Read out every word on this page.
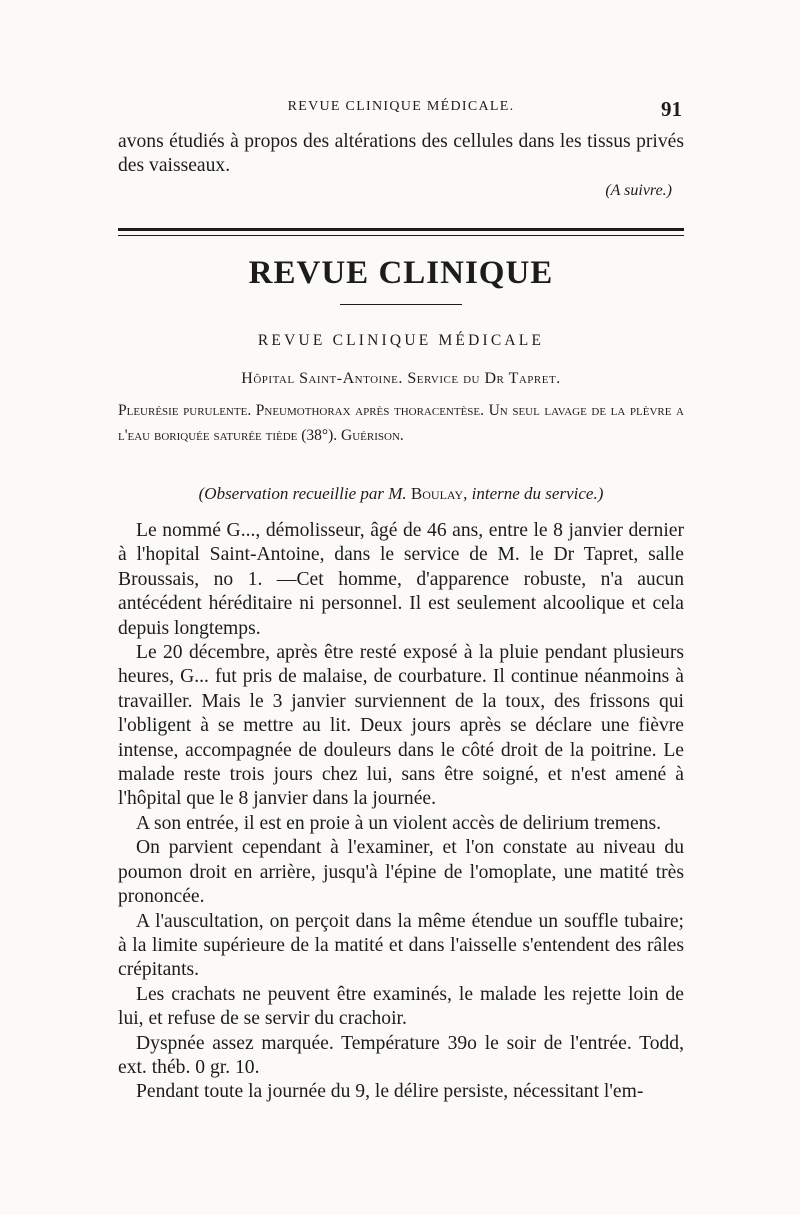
REVUE CLINIQUE MÉDICALE.	91

avons étudiés à propos des altérations des cellules dans les tissus privés des vaisseaux.

(A suivre.)

REVUE CLINIQUE
REVUE CLINIQUE MÉDICALE
Hôpital Saint-Antoine. Service du Dr Tapret.
Pleurésie purulente. Pneumothorax après thoracentèse. Un seul lavage de la plèvre a l'eau boriquée saturée tiède (38°). Guérison.
(Observation recueillie par M. Boulay, interne du service.)

Le nommé G..., démolisseur, âgé de 46 ans, entre le 8 janvier dernier à l'hopital Saint-Antoine, dans le service de M. le Dr Tapret, salle Broussais, no 1. —Cet homme, d'apparence robuste, n'a aucun antécédent héréditaire ni personnel. Il est seulement alcoolique et cela depuis longtemps.

Le 20 décembre, après être resté exposé à la pluie pendant plusieurs heures, G... fut pris de malaise, de courbature. Il continue néanmoins à travailler. Mais le 3 janvier surviennent de la toux, des frissons qui l'obligent à se mettre au lit. Deux jours après se déclare une fièvre intense, accompagnée de douleurs dans le côté droit de la poitrine. Le malade reste trois jours chez lui, sans être soigné, et n'est amené à l'hôpital que le 8 janvier dans la journée.

A son entrée, il est en proie à un violent accès de delirium tremens.

On parvient cependant à l'examiner, et l'on constate au niveau du poumon droit en arrière, jusqu'à l'épine de l'omoplate, une matité très prononcée.

A l'auscultation, on perçoit dans la même étendue un souffle tubaire; à la limite supérieure de la matité et dans l'aisselle s'entendent des râles crépitants.

Les crachats ne peuvent être examinés, le malade les rejette loin de lui, et refuse de se servir du crachoir.

Dyspnée assez marquée. Température 39o le soir de l'entrée. Todd, ext. théb. 0 gr. 10.

Pendant toute la journée du 9, le délire persiste, nécessitant l'em-
